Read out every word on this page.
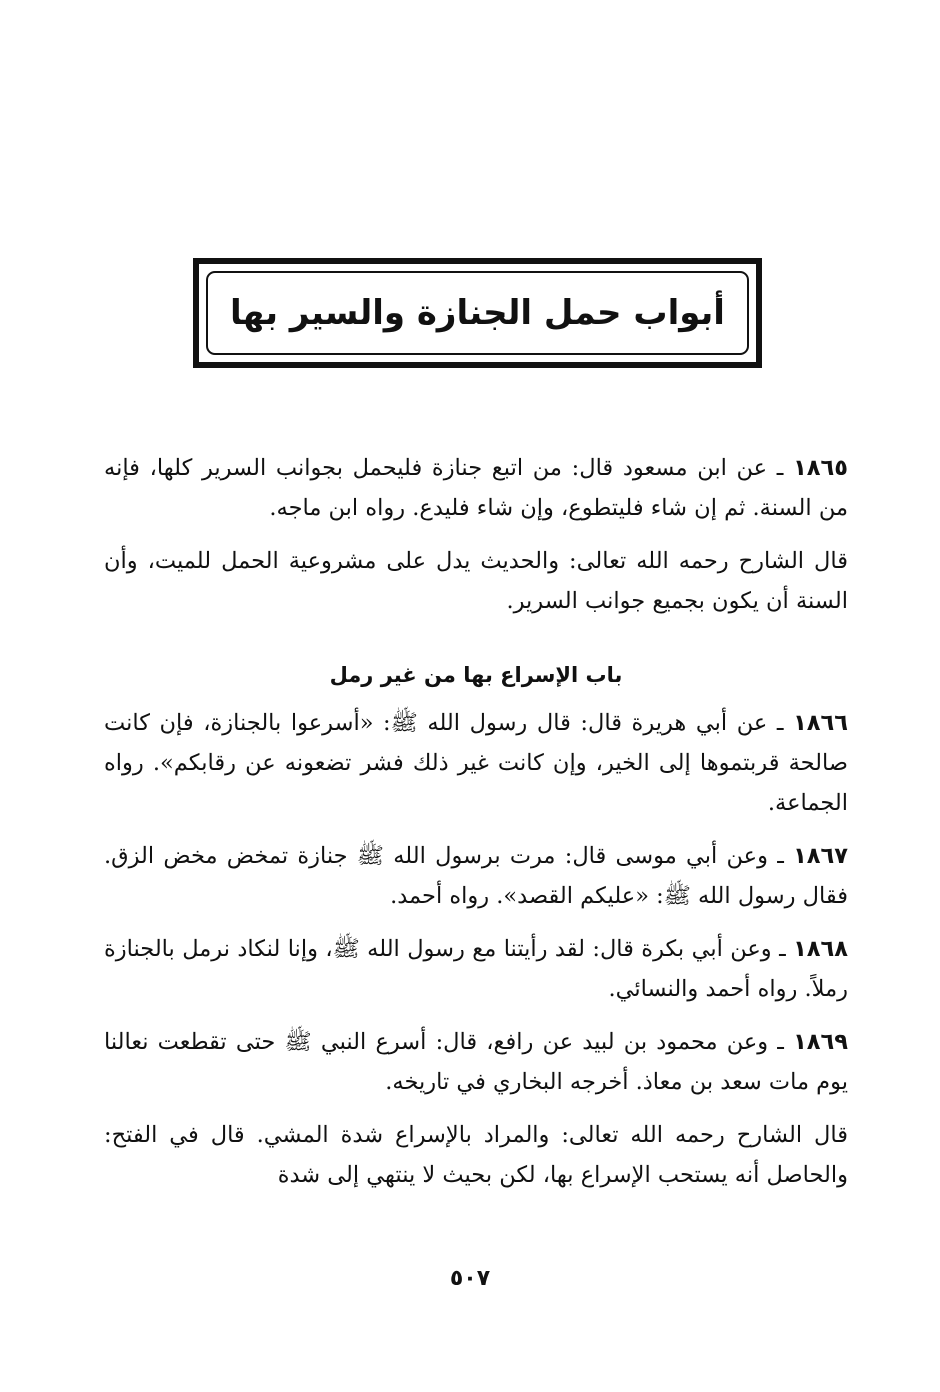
أبواب حمل الجنازة والسير بها

١٨٦٥ ـ عن ابن مسعود قال: من اتبع جنازة فليحمل بجوانب السرير كلها، فإنه من السنة. ثم إن شاء فليتطوع، وإن شاء فليدع. رواه ابن ماجه.

قال الشارح رحمه الله تعالى: والحديث يدل على مشروعية الحمل للميت، وأن السنة أن يكون بجميع جوانب السرير.

باب الإسراع بها من غير رمل

١٨٦٦ ـ عن أبي هريرة قال: قال رسول الله ﷺ: «أسرعوا بالجنازة، فإن كانت صالحة قربتموها إلى الخير، وإن كانت غير ذلك فشر تضعونه عن رقابكم». رواه الجماعة.

١٨٦٧ ـ وعن أبي موسى قال: مرت برسول الله ﷺ جنازة تمخض مخض الزق. فقال رسول الله ﷺ: «عليكم القصد». رواه أحمد.

١٨٦٨ ـ وعن أبي بكرة قال: لقد رأيتنا مع رسول الله ﷺ، وإنا لنكاد نرمل بالجنازة رملاً. رواه أحمد والنسائي.

١٨٦٩ ـ وعن محمود بن لبيد عن رافع، قال: أسرع النبي ﷺ حتى تقطعت نعالنا يوم مات سعد بن معاذ. أخرجه البخاري في تاريخه.

قال الشارح رحمه الله تعالى: والمراد بالإسراع شدة المشي. قال في الفتح: والحاصل أنه يستحب الإسراع بها، لكن بحيث لا ينتهي إلى شدة

٥٠٧
